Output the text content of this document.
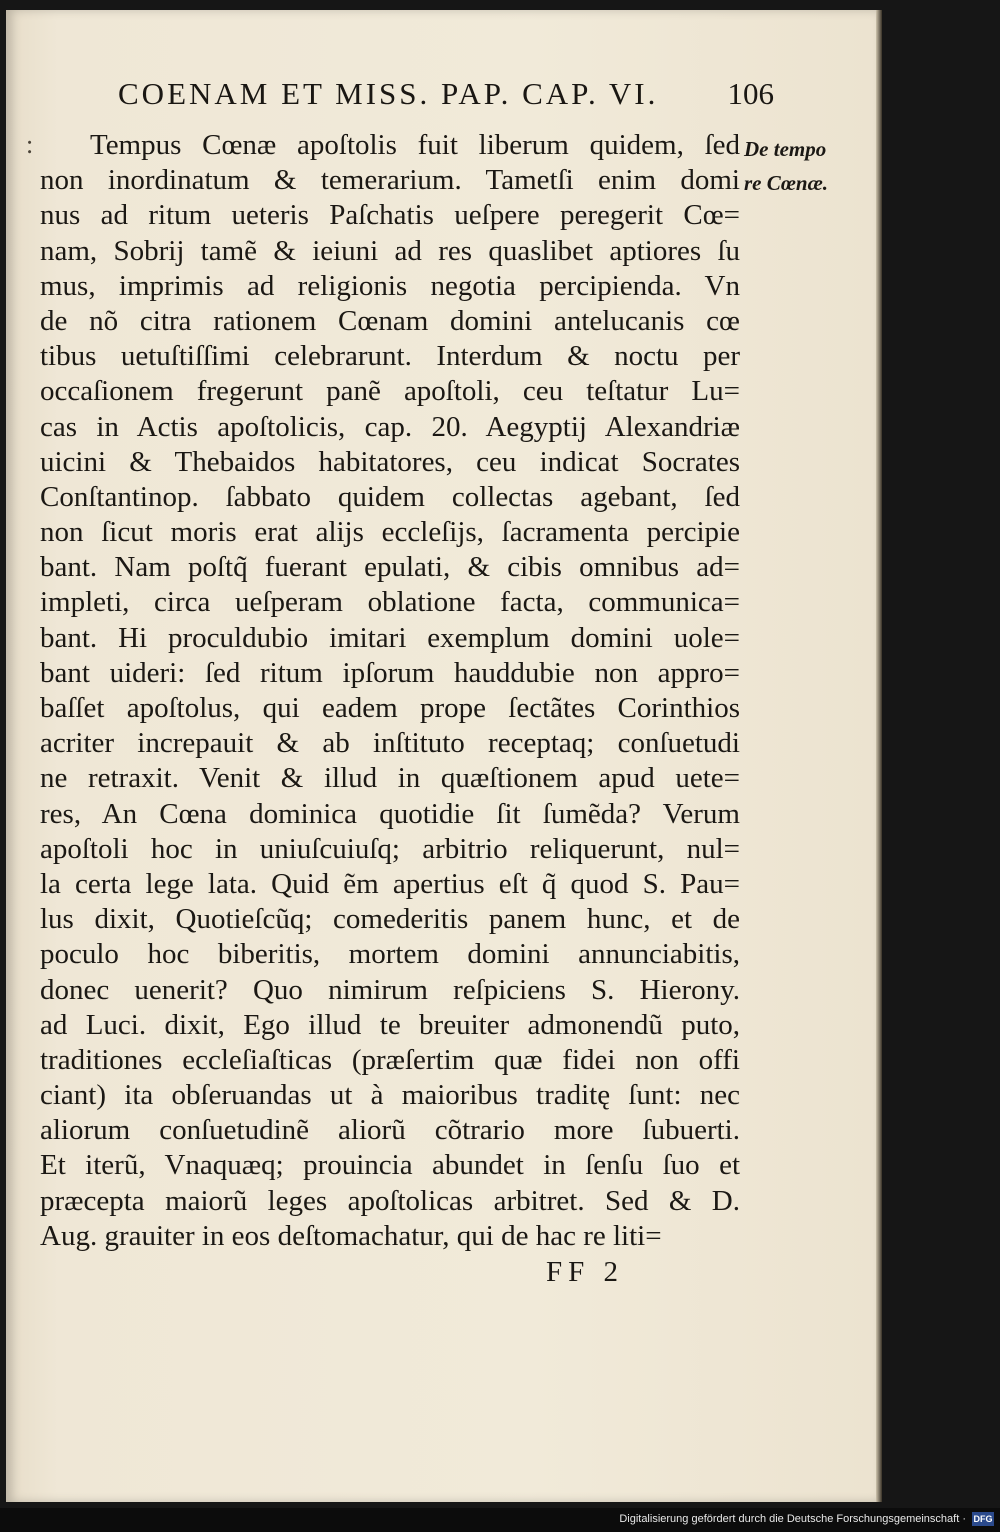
COENAM ET MISS. PAP. CAP. VI. 106
:	De tempo
re Cœnæ.
Tempus Cœnæ apoſtolis fuit liberum quidem, ſed
non inordinatum & temerarium. Tametſi enim domi
nus ad ritum ueteris Paſchatis ueſpere peregerit Cœ=
nam, Sobrij tamẽ & ieiuni ad res quaslibet aptiores ſu
mus, imprimis ad religionis negotia percipienda. Vn
de nõ citra rationem Cœnam domini antelucanis cœ
tibus uetuſtiſſimi celebrarunt. Interdum & noctu per
occaſionem fregerunt panẽ apoſtoli, ceu teſtatur Lu=
cas in Actis apoſtolicis, cap. 20. Aegyptij Alexandriæ
uicini & Thebaidos habitatores, ceu indicat Socrates
Conſtantinop. ſabbato quidem collectas agebant, ſed
non ſicut moris erat alijs eccleſijs, ſacramenta percipie
bant. Nam poſtq̃ fuerant epulati, & cibis omnibus ad=
impleti, circa ueſperam oblatione facta, communica=
bant. Hi proculdubio imitari exemplum domini uole=
bant uideri: ſed ritum ipſorum hauddubie non appro=
baſſet apoſtolus, qui eadem prope ſectãtes Corinthios
acriter increpauit & ab inſtituto receptaq; conſuetudi
ne retraxit. Venit & illud in quæſtionem apud uete=
res, An Cœna dominica quotidie ſit ſumẽda? Verum
apoſtoli hoc in uniuſcuiuſq; arbitrio reliquerunt, nul=
la certa lege lata. Quid ẽm apertius eſt q̃ quod S. Pau=
lus dixit, Quotieſcũq; comederitis panem hunc, et de
poculo hoc biberitis, mortem domini annunciabitis,
donec uenerit? Quo nimirum reſpiciens S. Hierony.
ad Luci. dixit, Ego illud te breuiter admonendũ puto,
traditiones eccleſiaſticas (præſertim quæ fidei non offi
ciant) ita obſeruandas ut à maioribus traditę ſunt: nec
aliorum conſuetudinẽ aliorũ cõtrario more ſubuerti.
Et iterũ, Vnaquæq; prouincia abundet in ſenſu ſuo et
præcepta maiorũ leges apoſtolicas arbitret. Sed & D.
Aug. grauiter in eos deſtomachatur, qui de hac re liti=
FF 2
Digitalisierung gefördert durch die Deutsche Forschungsgemeinschaft · DFG
